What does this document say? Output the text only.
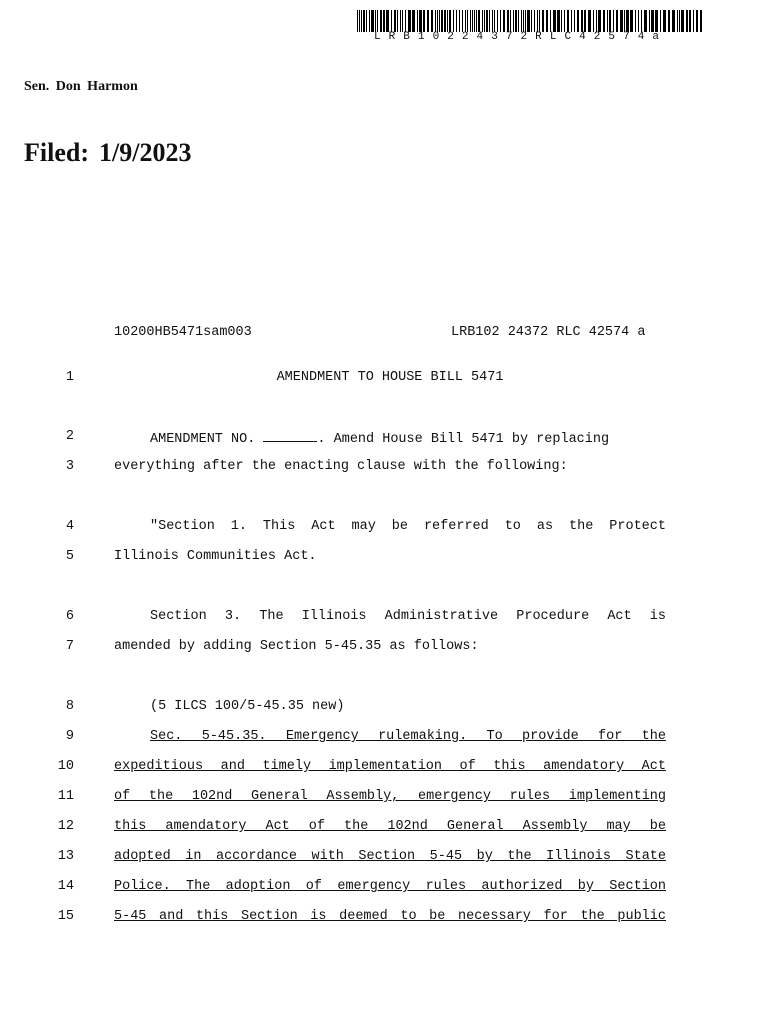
LRB10224372RLC42574a
Sen. Don Harmon
Filed: 1/9/2023
10200HB5471sam003	LRB102 24372 RLC 42574 a
1	AMENDMENT TO HOUSE BILL 5471
2	AMENDMENT NO.	. Amend House Bill 5471 by replacing
3	everything after the enacting clause with the following:
4	"Section 1. This Act may be referred to as the Protect
5	Illinois Communities Act.
6	Section 3. The Illinois Administrative Procedure Act is
7	amended by adding Section 5-45.35 as follows:
8	(5 ILCS 100/5-45.35 new)
9	Sec. 5-45.35. Emergency rulemaking. To provide for the
10	expeditious and timely implementation of this amendatory Act
11	of the 102nd General Assembly, emergency rules implementing
12	this amendatory Act of the 102nd General Assembly may be
13	adopted in accordance with Section 5-45 by the Illinois State
14	Police. The adoption of emergency rules authorized by Section
15	5-45 and this Section is deemed to be necessary for the public
